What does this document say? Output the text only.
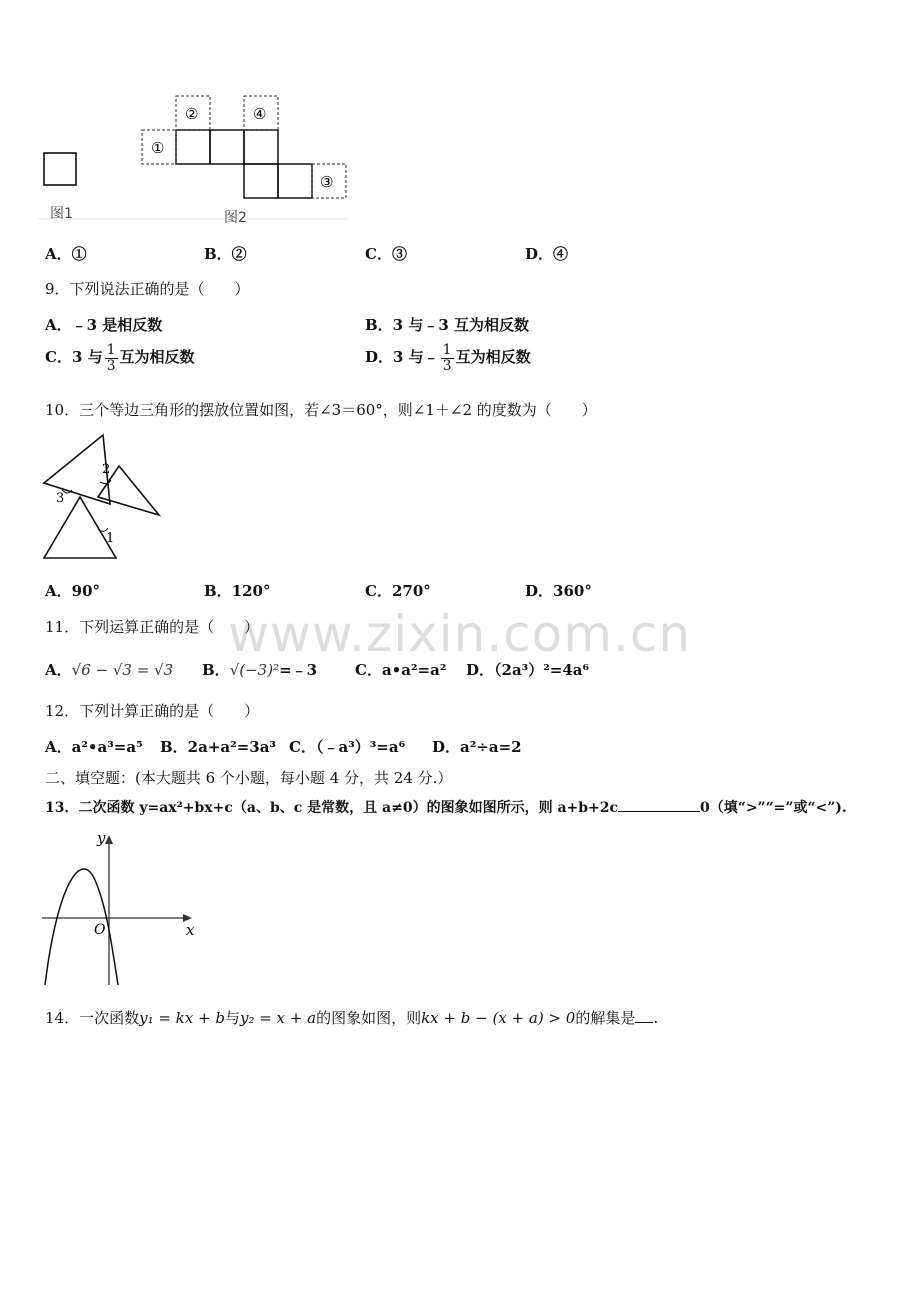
①
②
③
④
图1	图2
A．①	B．②	C．③	D．④
9．下列说法正确的是（　　）
A．﹣3 是相反数	B．3 与﹣3 互为相反数
C．3 与 $\frac{1}{3}$ 互为相反数	D．3 与﹣ $\frac{1}{3}$ 互为相反数
10．三个等边三角形的摆放位置如图，若∠3＝60°，则∠1＋∠2 的度数为（　　）
2
3
1
A．90°	B．120°	C．270°	D．360°
www.zixin.com.cn
11．下列运算正确的是（　　）
A．√6 − √3 = √3 B．√(−3)²=﹣3	C．a•a²=a² D．（2a³）²=4a⁶
12．下列计算正确的是（　　）
A．a²•a³=a⁵ B．2a+a²=3a³ C．（﹣a³）³=a⁶ D．a²÷a=2
二、填空题：(本大题共 6 个小题，每小题 4 分，共 24 分.）
13．二次函数 y=ax²+bx+c（a、b、c 是常数，且 a≠0）的图象如图所示，则 a+b+2c	0（填“>”“=”或“<”).
y
x
O
14．一次函数y₁ = kx + b与y₂ = x + a的图象如图，则kx + b − (x + a) > 0的解集是 .
